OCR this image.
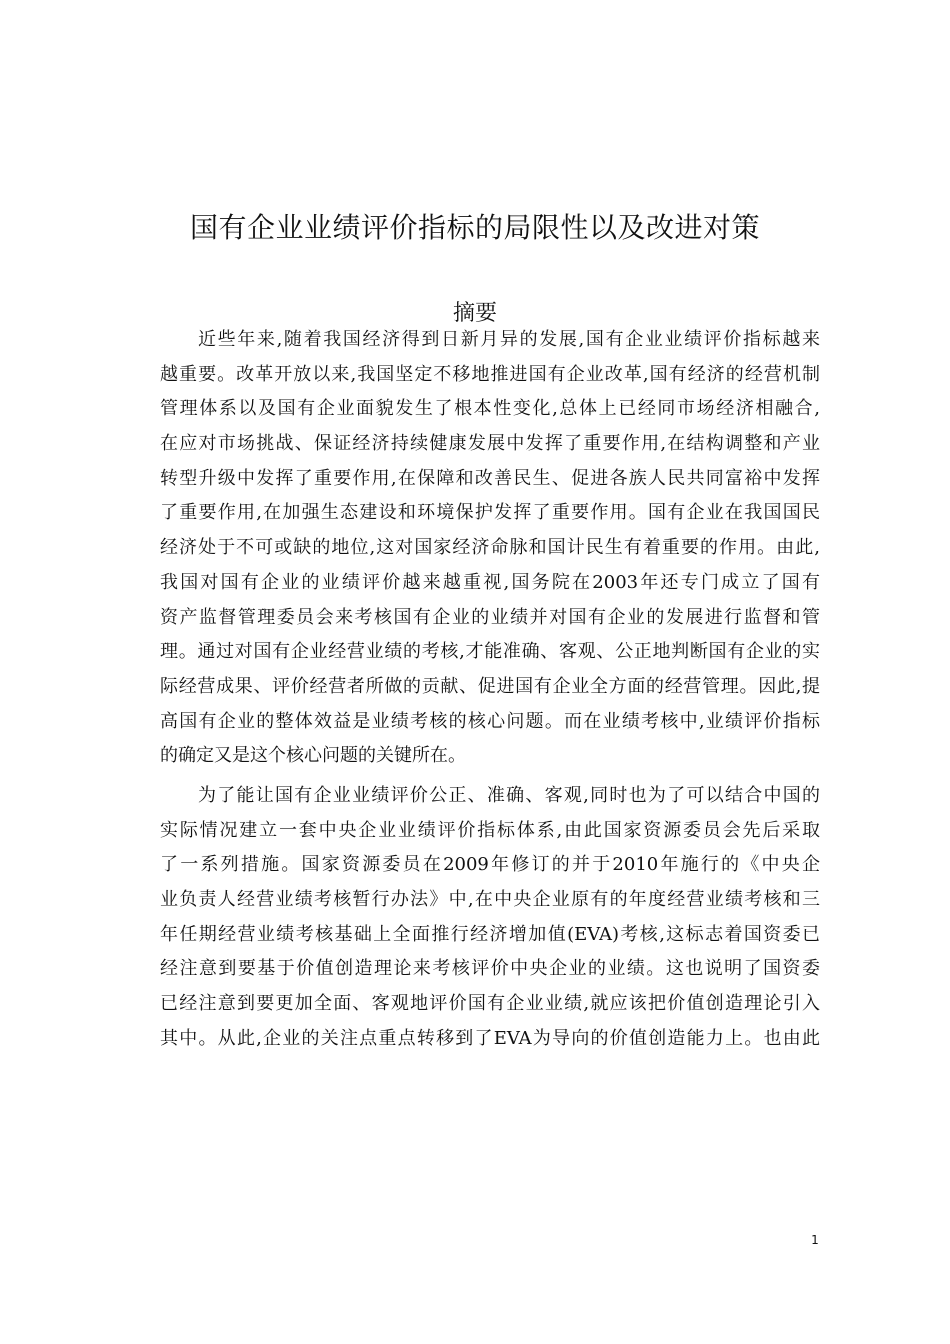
国有企业业绩评价指标的局限性以及改进对策
摘要
近些年来,随着我国经济得到日新月异的发展,国有企业业绩评价指标越来
越重要。改革开放以来,我国坚定不移地推进国有企业改革,国有经济的经营机制
管理体系以及国有企业面貌发生了根本性变化,总体上已经同市场经济相融合,
在应对市场挑战、保证经济持续健康发展中发挥了重要作用,在结构调整和产业
转型升级中发挥了重要作用,在保障和改善民生、促进各族人民共同富裕中发挥
了重要作用,在加强生态建设和环境保护发挥了重要作用。国有企业在我国国民
经济处于不可或缺的地位,这对国家经济命脉和国计民生有着重要的作用。由此,
我国对国有企业的业绩评价越来越重视,国务院在2003年还专门成立了国有
资产监督管理委员会来考核国有企业的业绩并对国有企业的发展进行监督和管
理。通过对国有企业经营业绩的考核,才能准确、客观、公正地判断国有企业的实
际经营成果、评价经营者所做的贡献、促进国有企业全方面的经营管理。因此,提
高国有企业的整体效益是业绩考核的核心问题。而在业绩考核中,业绩评价指标
的确定又是这个核心问题的关键所在。
为了能让国有企业业绩评价公正、准确、客观,同时也为了可以结合中国的
实际情况建立一套中央企业业绩评价指标体系,由此国家资源委员会先后采取
了一系列措施。国家资源委员在2009年修订的并于2010年施行的《中央企
业负责人经营业绩考核暂行办法》中,在中央企业原有的年度经营业绩考核和三
年任期经营业绩考核基础上全面推行经济增加值(EVA)考核,这标志着国资委已
经注意到要基于价值创造理论来考核评价中央企业的业绩。这也说明了国资委
已经注意到要更加全面、客观地评价国有企业业绩,就应该把价值创造理论引入
其中。从此,企业的关注点重点转移到了EVA为导向的价值创造能力上。也由此
1
